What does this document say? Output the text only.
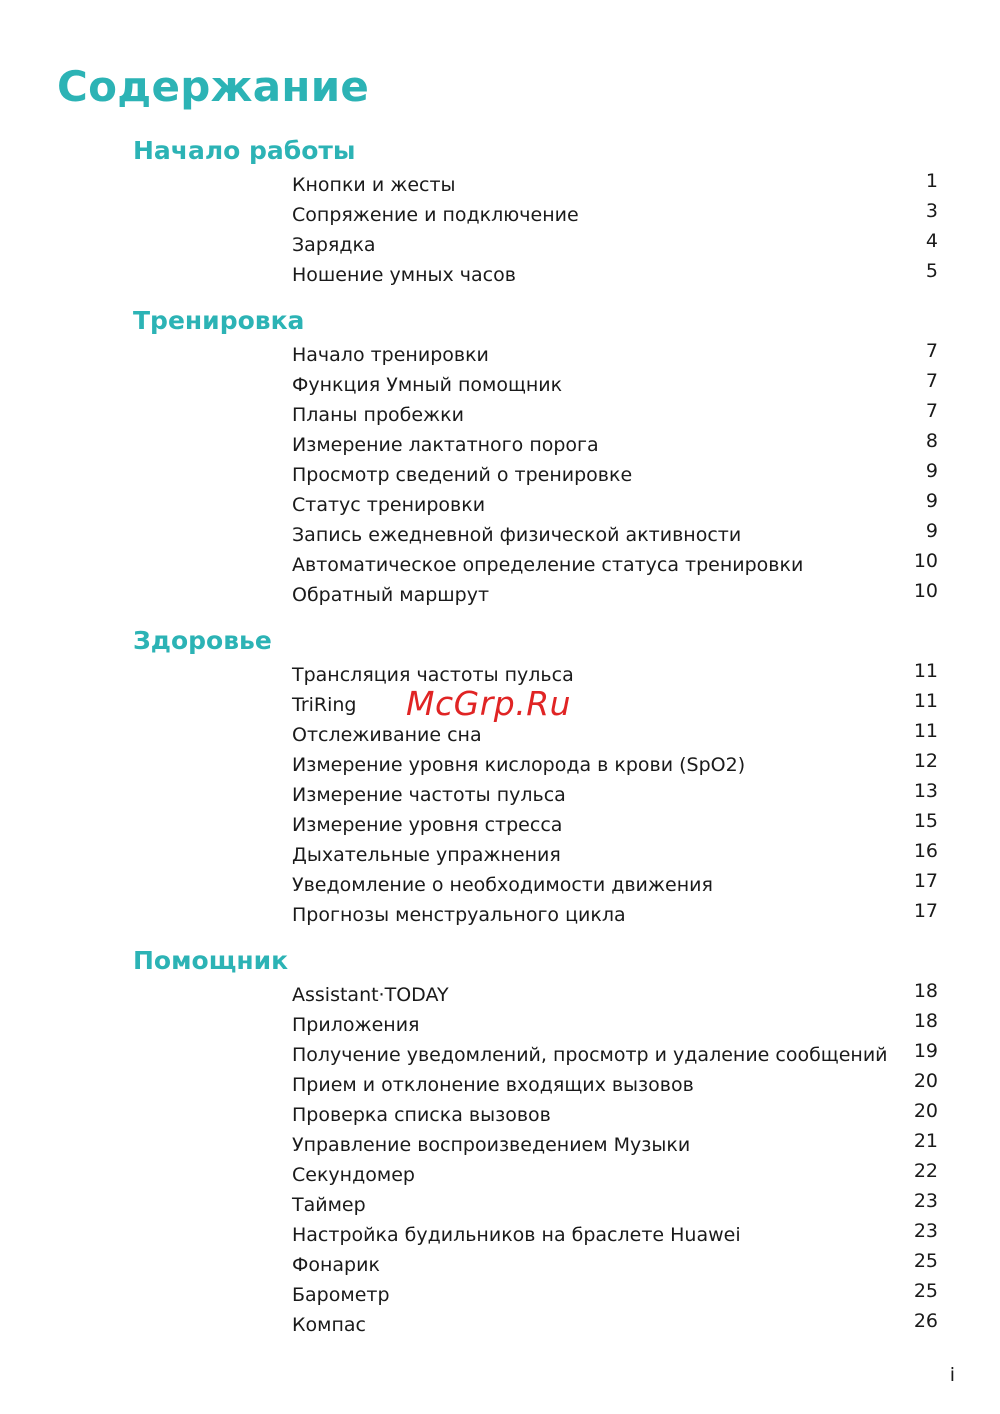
Содержание
Начало работы
Кнопки и жесты	1
Сопряжение и подключение	3
Зарядка	4
Ношение умных часов	5
Тренировка
Начало тренировки	7
Функция Умный помощник	7
Планы пробежки	7
Измерение лактатного порога	8
Просмотр сведений о тренировке	9
Статус тренировки	9
Запись ежедневной физической активности	9
Автоматическое определение статуса тренировки	10
Обратный маршрут	10
Здоровье
Трансляция частоты пульса	11
TriRing	11
Отслеживание сна	11
Измерение уровня кислорода в крови (SpO2)	12
Измерение частоты пульса	13
Измерение уровня стресса	15
Дыхательные упражнения	16
Уведомление о необходимости движения	17
Прогнозы менструального цикла	17
Помощник
Assistant·TODAY	18
Приложения	18
Получение уведомлений, просмотр и удаление сообщений 19
Прием и отклонение входящих вызовов	20
Проверка списка вызовов	20
Управление воспроизведением Музыки	21
Секундомер	22
Таймер	23
Настройка будильников на браслете Huawei	23
Фонарик	25
Барометр	25
Компас	26
McGrp.Ru
i
